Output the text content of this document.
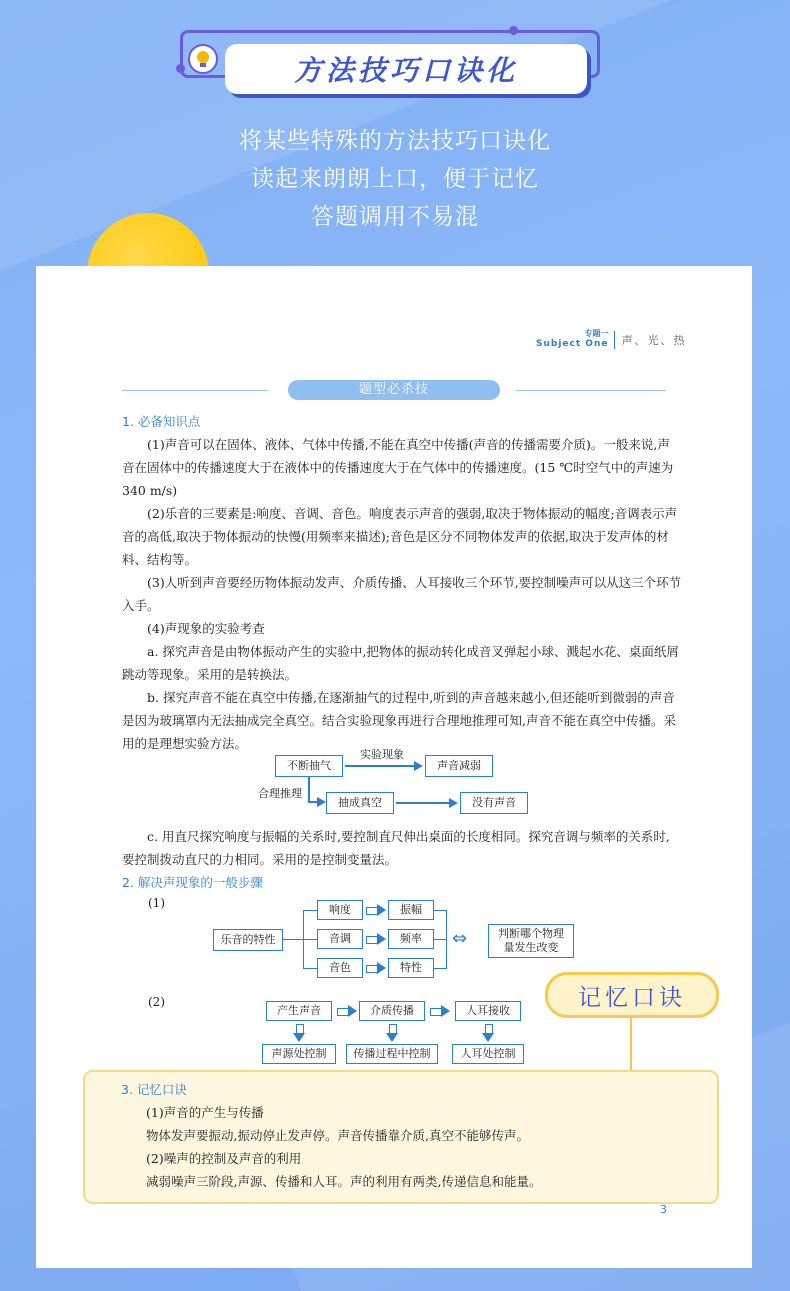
方法技巧口诀化
将某些特殊的方法技巧口诀化
读起来朗朗上口，便于记忆
答题调用不易混
专题一
Subject One 声、光、热
题型必杀技
1. 必备知识点

(1)声音可以在固体、液体、气体中传播,不能在真空中传播(声音的传播需要介质)。一般来说,声音在固体中的传播速度大于在液体中的传播速度大于在气体中的传播速度。(15 ℃时空气中的声速为 340 m/s)

(2)乐音的三要素是:响度、音调、音色。响度表示声音的强弱,取决于物体振动的幅度;音调表示声音的高低,取决于物体振动的快慢(用频率来描述);音色是区分不同物体发声的依据,取决于发声体的材料、结构等。

(3)人听到声音要经历物体振动发声、介质传播、人耳接收三个环节,要控制噪声可以从这三个环节入手。

(4)声现象的实验考查

a. 探究声音是由物体振动产生的实验中,把物体的振动转化成音叉弹起小球、溅起水花、桌面纸屑跳动等现象。采用的是转换法。

b. 探究声音不能在真空中传播,在逐渐抽气的过程中,听到的声音越来越小,但还能听到微弱的声音是因为玻璃罩内无法抽成完全真空。结合实验现象再进行合理地推理可知,声音不能在真空中传播。采用的是理想实验方法。

不断抽气
实验现象
声音减弱
合理推理
抽成真空	没有声音

c. 用直尺探究响度与振幅的关系时,要控制直尺伸出桌面的长度相同。探究音调与频率的关系时,要控制拨动直尺的力相同。采用的是控制变量法。

2. 解决声现象的一般步骤
(1)
乐音的特性
响度
音调
音色
振幅
频率
特性
⇔	判断哪个物理
量发生改变
记忆口诀
(2)
产生声音	介质传播	人耳接收
声源处控制	传播过程中控制	人耳处控制
3. 记忆口诀

(1)声音的产生与传播

物体发声要振动,振动停止发声停。声音传播靠介质,真空不能够传声。

(2)噪声的控制及声音的利用

减弱噪声三阶段,声源、传播和人耳。声的利用有两类,传递信息和能量。

3
